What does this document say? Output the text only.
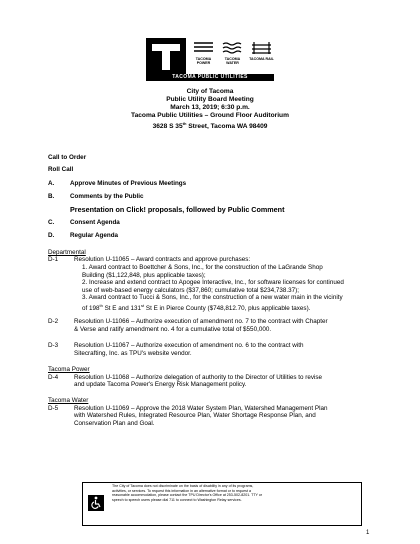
TACOMA POWER
TACOMA WATER
TACOMA RAIL
TACOMA PUBLIC UTILITIES
City of Tacoma
Public Utility Board Meeting
March 13, 2019; 6:30 p.m.
Tacoma Public Utilities – Ground Floor Auditorium
3628 S 35th Street, Tacoma WA 98409
Call to Order
Roll Call
A. Approve Minutes of Previous Meetings
B. Comments by the Public
Presentation on Click! proposals, followed by Public Comment
C. Consent Agenda
D. Regular Agenda
Departmental
D-1	Resolution U-11065 – Award contracts and approve purchases:
1. Award contract to Boettcher & Sons, Inc., for the construction of the LaGrande Shop
Building ($1,122,848, plus applicable taxes);
2. Increase and extend contract to Apogee Interactive, Inc., for software licenses for continued
use of web-based energy calculators ($37,860; cumulative total $234,738.37);
3. Award contract to Tucci & Sons, Inc., for the construction of a new water main in the vicinity
of 198th St E and 131st St E in Pierce County ($748,812.70, plus applicable taxes).
D-2	Resolution U-11066 – Authorize execution of amendment no. 7 to the contract with Chapter
& Verse and ratify amendment no. 4 for a cumulative total of $550,000.
D-3	Resolution U-11067 – Authorize execution of amendment no. 6 to the contract with
Sitecrafting, Inc. as TPU's website vendor.
Tacoma Power
D-4	Resolution U-11068 – Authorize delegation of authority to the Director of Utilities to revise
and update Tacoma Power's Energy Risk Management policy.
Tacoma Water
D-5	Resolution U-11069 – Approve the 2018 Water System Plan, Watershed Management Plan
with Watershed Rules, Integrated Resource Plan, Water Shortage Response Plan, and
Conservation Plan and Goal.
The City of Tacoma does not discriminate on the basis of disability in any of its programs,
activities, or services. To request this information in an alternative format or to request a
reasonable accommodation, please contact the TPU Director's Office at 253-502-8201. TTY or
speech to speech users please dial 711 to connect to Washington Relay services.
1
